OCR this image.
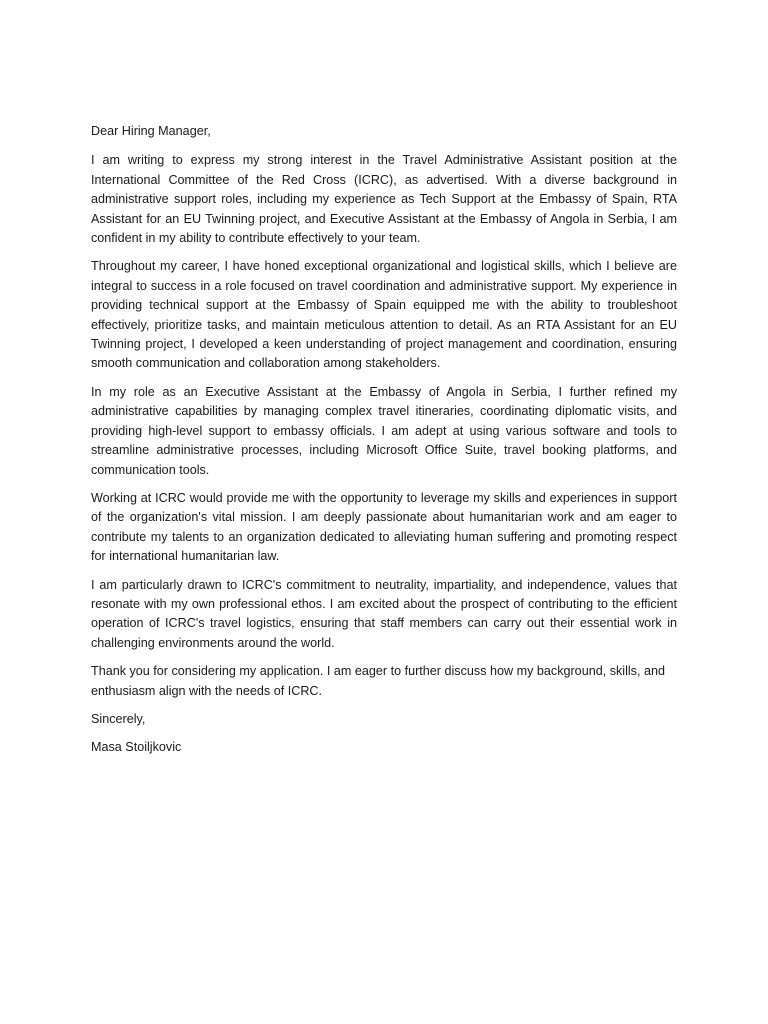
Dear Hiring Manager,

I am writing to express my strong interest in the Travel Administrative Assistant position at the International Committee of the Red Cross (ICRC), as advertised. With a diverse background in administrative support roles, including my experience as Tech Support at the Embassy of Spain, RTA Assistant for an EU Twinning project, and Executive Assistant at the Embassy of Angola in Serbia, I am confident in my ability to contribute effectively to your team.

Throughout my career, I have honed exceptional organizational and logistical skills, which I believe are integral to success in a role focused on travel coordination and administrative support. My experience in providing technical support at the Embassy of Spain equipped me with the ability to troubleshoot effectively, prioritize tasks, and maintain meticulous attention to detail. As an RTA Assistant for an EU Twinning project, I developed a keen understanding of project management and coordination, ensuring smooth communication and collaboration among stakeholders.

In my role as an Executive Assistant at the Embassy of Angola in Serbia, I further refined my administrative capabilities by managing complex travel itineraries, coordinating diplomatic visits, and providing high-level support to embassy officials. I am adept at using various software and tools to streamline administrative processes, including Microsoft Office Suite, travel booking platforms, and communication tools.

Working at ICRC would provide me with the opportunity to leverage my skills and experiences in support of the organization's vital mission. I am deeply passionate about humanitarian work and am eager to contribute my talents to an organization dedicated to alleviating human suffering and promoting respect for international humanitarian law.

I am particularly drawn to ICRC's commitment to neutrality, impartiality, and independence, values that resonate with my own professional ethos. I am excited about the prospect of contributing to the efficient operation of ICRC's travel logistics, ensuring that staff members can carry out their essential work in challenging environments around the world.

Thank you for considering my application. I am eager to further discuss how my background, skills, and enthusiasm align with the needs of ICRC.

Sincerely,

Masa Stoiljkovic
